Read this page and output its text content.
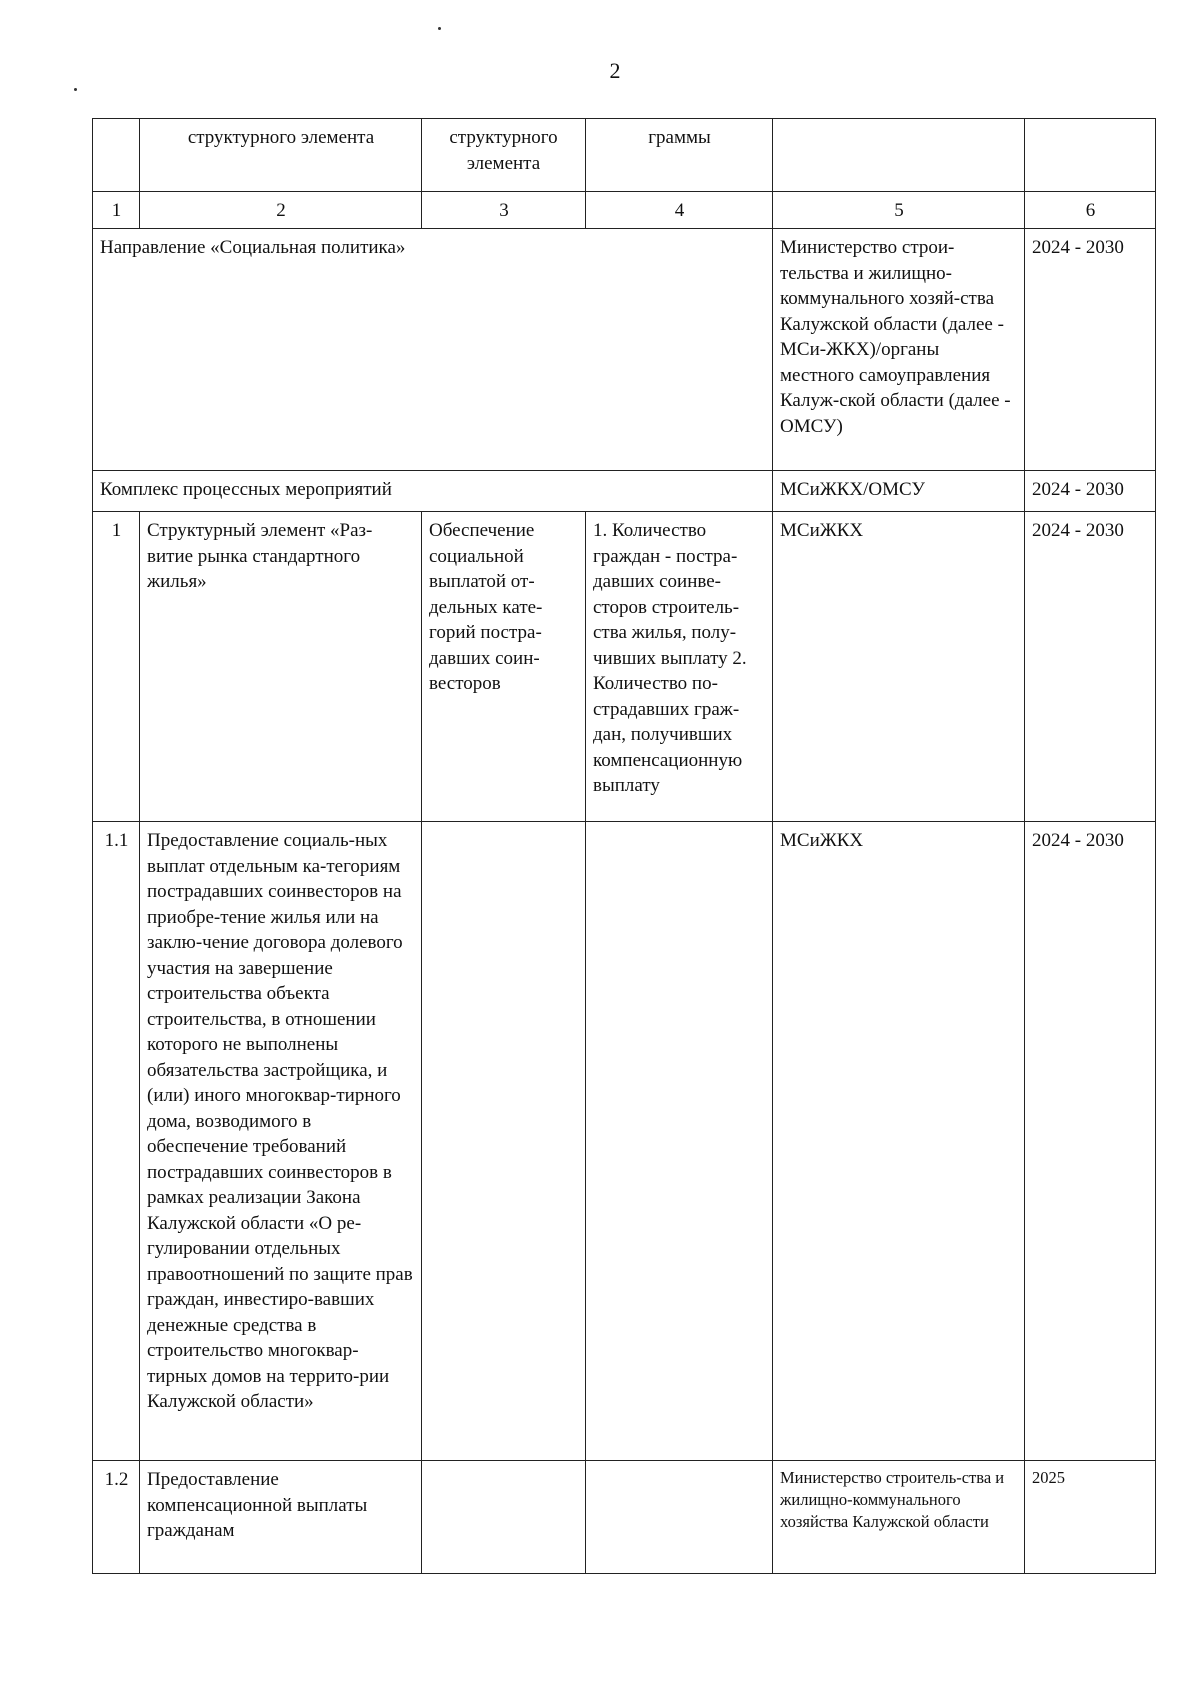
2
	структурного элемента	структурного элемента	граммы		
1	2	3	4	5	6
Направление «Социальная политика»				Министерство строи-тельства и жилищно-коммунального хозяй-ства Калужской области (далее - МСи-ЖКХ)/органы местного самоуправления Калуж-ской области (далее - ОМСУ)	2024 - 2030
Комплекс процессных мероприятий				МСиЖКХ/ОМСУ	2024 - 2030
1	Структурный элемент «Раз-витие рынка стандартного жилья»	Обеспечение социальной выплатой от-дельных кате-горий постра-давших соин-весторов	1. Количество граждан - постра-давших соинве-сторов строитель-ства жилья, полу-чивших выплату 2. Количество по-страдавших граж-дан, получивших компенсационную выплату	МСиЖКХ	2024 - 2030
1.1	Предоставление социаль-ных выплат отдельным ка-тегориям пострадавших соинвесторов на приобре-тение жилья или на заклю-чение договора долевого участия на завершение строительства объекта строительства, в отношении которого не выполнены обязательства застройщика, и (или) иного многоквар-тирного дома, возводимого в обеспечение требований пострадавших соинвесторов в рамках реализации Закона Калужской области «О ре-гулировании отдельных правоотношений по защите прав граждан, инвестиро-вавших денежные средства в строительство многоквар-тирных домов на террито-рии Калужской области»			МСиЖКХ	2024 - 2030
1.2	Предоставление компенсационной выплаты гражданам			Министерство строитель-ства и жилищно-коммунального хозяйства Калужской области	2025
